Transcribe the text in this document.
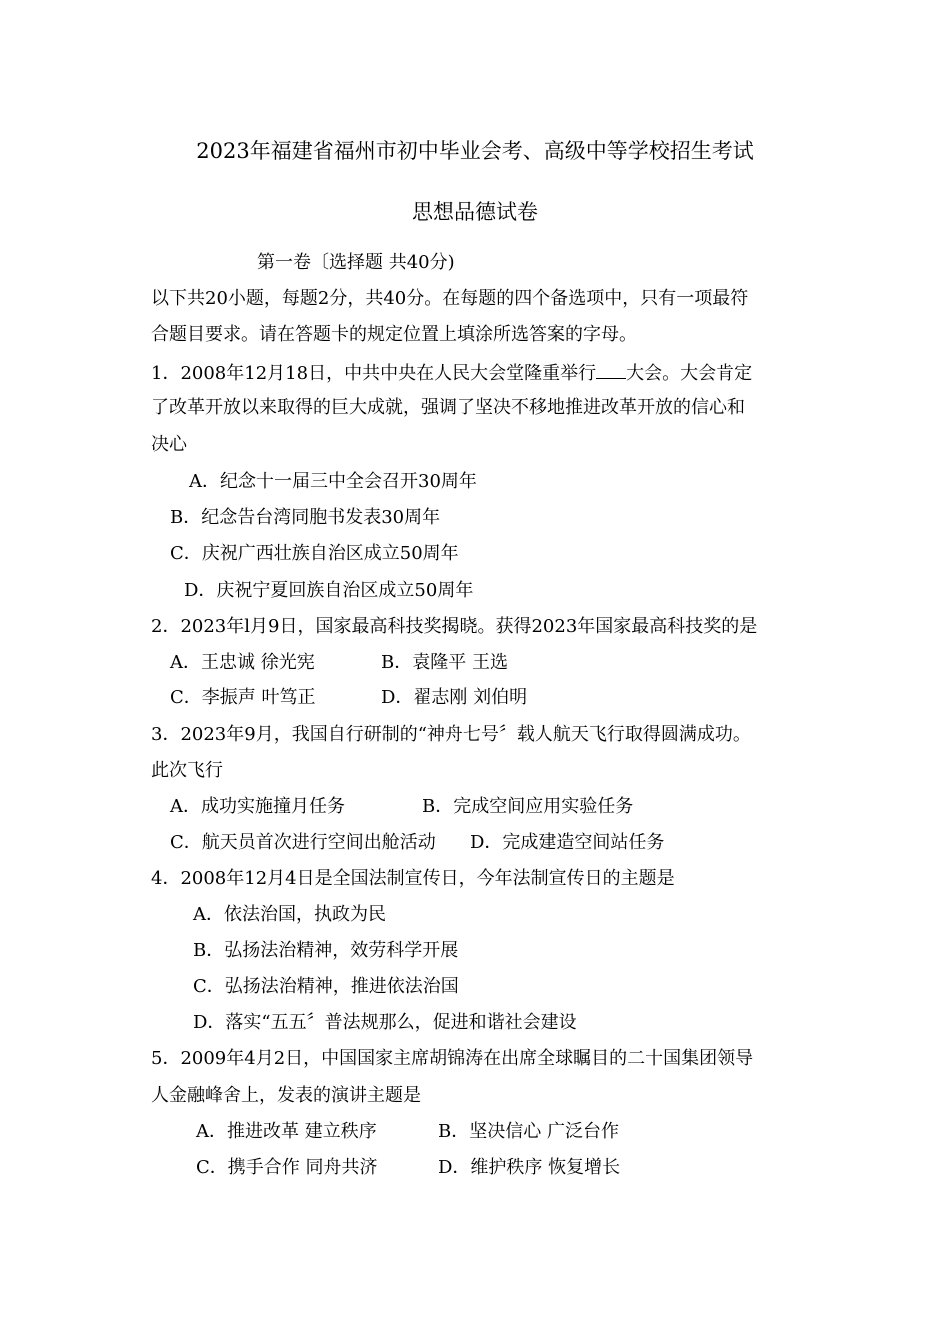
2023年福建省福州市初中毕业会考、高级中等学校招生考试
思想品德试卷
第一卷〔选择题 共40分)
以下共20小题，每题2分，共40分。在每题的四个备选项中，只有一项最符
合题目要求。请在答题卡的规定位置上填涂所选答案的字母。
1．2008年12月18日，中共中央在人民大会堂隆重举行 大会。大会肯定
了改革开放以来取得的巨大成就，强调了坚决不移地推进改革开放的信心和
决心
A．纪念十一届三中全会召开30周年
B．纪念告台湾同胞书发表30周年
C．庆祝广西壮族自治区成立50周年
D．庆祝宁夏回族自治区成立50周年
2．2023年l月9日，国家最高科技奖揭晓。获得2023年国家最高科技奖的是
A．王忠诚 徐光宪	B．袁隆平 王选
C．李振声 叶笃正	D．翟志刚 刘伯明
3．2023年9月，我国自行研制的“神舟七号〞载人航天飞行取得圆满成功。
此次飞行
A．成功实施撞月任务	B．完成空间应用实验任务
C．航天员首次进行空间出舱活动 D．完成建造空间站任务
4．2008年12月4日是全国法制宣传日，今年法制宣传日的主题是
A．依法治国，执政为民
B．弘扬法治精神，效劳科学开展
C．弘扬法治精神，推进依法治国
D．落实“五五〞普法规那么，促进和谐社会建设
5．2009年4月2日，中国国家主席胡锦涛在出席全球瞩目的二十国集团领导
人金融峰舍上，发表的演讲主题是
A．推进改革 建立秩序	B．坚决信心 广泛台作
C．携手合作 同舟共济	D．维护秩序 恢复增长
